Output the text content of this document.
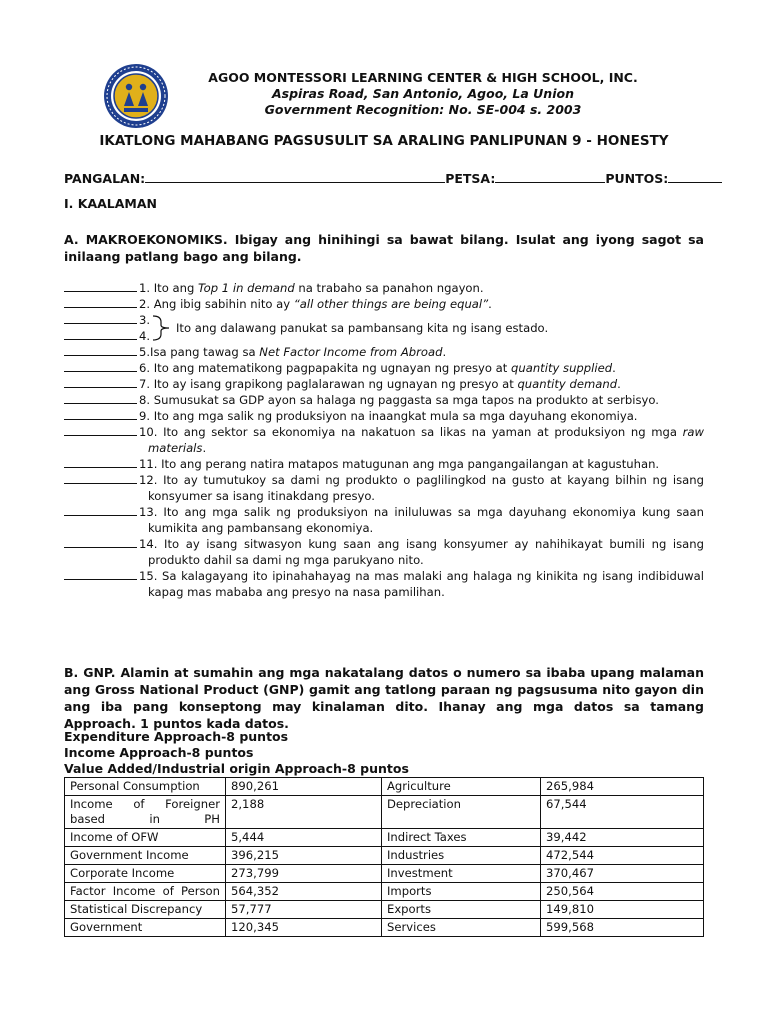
AGOO MONTESSORI LEARNING CENTER & HIGH SCHOOL, INC.
Aspiras Road, San Antonio, Agoo, La Union
Government Recognition: No. SE-004 s. 2003
IKATLONG MAHABANG PAGSUSULIT SA ARALING PANLIPUNAN 9 - HONESTY
PANGALAN:	PETSA:	PUNTOS:
I. KAALAMAN
A. MAKROEKONOMIKS. Ibigay ang hinihingi sa bawat bilang. Isulat ang iyong sagot sa inilaang patlang bago ang bilang.
1. Ito ang Top 1 in demand na trabaho sa panahon ngayon.
2. Ang ibig sabihin nito ay “all other things are being equal”.
3.
4.
Ito ang dalawang panukat sa pambansang kita ng isang estado.
5.Isa pang tawag sa Net Factor Income from Abroad.
6. Ito ang matematikong pagpapakita ng ugnayan ng presyo at quantity supplied.
7. Ito ay isang grapikong paglalarawan ng ugnayan ng presyo at quantity demand.
8. Sumusukat sa GDP ayon sa halaga ng paggasta sa mga tapos na produkto at serbisyo.
9. Ito ang mga salik ng produksiyon na inaangkat mula sa mga dayuhang ekonomiya.
10. Ito ang sektor sa ekonomiya na nakatuon sa likas na yaman at produksiyon ng mga raw materials.
11. Ito ang perang natira matapos matugunan ang mga pangangailangan at kagustuhan.
12. Ito ay tumutukoy sa dami ng produkto o paglilingkod na gusto at kayang bilhin ng isang konsyumer sa isang itinakdang presyo.
13. Ito ang mga salik ng produksiyon na iniluluwas sa mga dayuhang ekonomiya kung saan kumikita ang pambansang ekonomiya.
14. Ito ay isang sitwasyon kung saan ang isang konsyumer ay nahihikayat bumili ng isang produkto dahil sa dami ng mga parukyano nito.
15. Sa kalagayang ito ipinahahayag na mas malaki ang halaga ng kinikita ng isang indibiduwal kapag mas mababa ang presyo na nasa pamilihan.
B. GNP. Alamin at sumahin ang mga nakatalang datos o numero sa ibaba upang malaman ang Gross National Product (GNP) gamit ang tatlong paraan ng pagsusuma nito gayon din ang iba pang konseptong may kinalaman dito. Ihanay ang mga datos sa tamang Approach. 1 puntos kada datos.
Expenditure Approach-8 puntos
Income Approach-8 puntos
Value Added/Industrial origin Approach-8 puntos
Personal Consumption	890,261	Agriculture	265,984
Income of Foreigner based in PH	2,188	Depreciation	67,544
Income of OFW	5,444	Indirect Taxes	39,442
Government Income	396,215	Industries	472,544
Corporate Income	273,799	Investment	370,467
Factor Income of Person	564,352	Imports	250,564
Statistical Discrepancy	57,777	Exports	149,810
Government	120,345	Services	599,568
